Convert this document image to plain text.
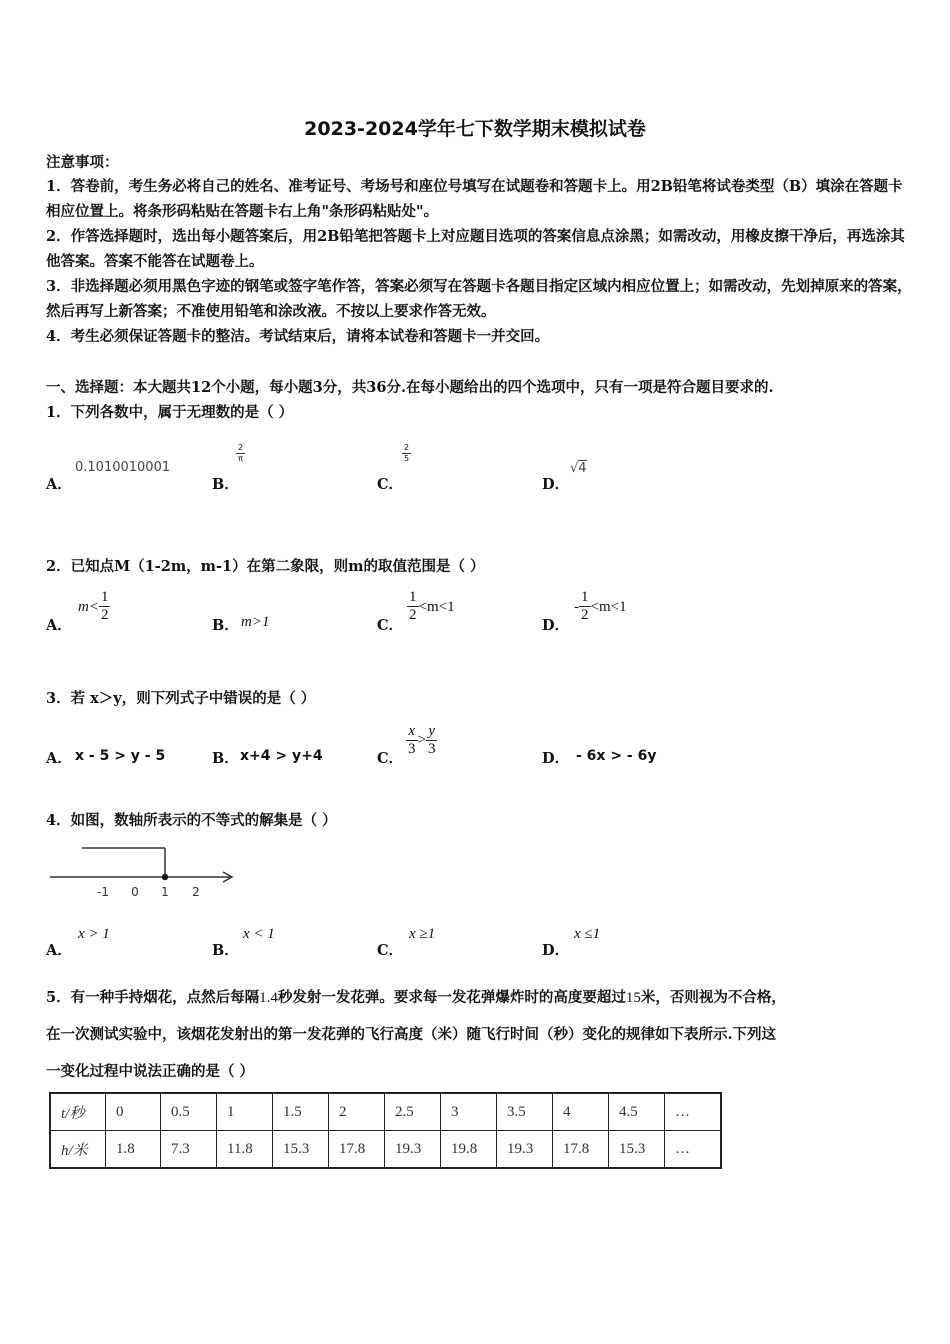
2023-2024学年七下数学期末模拟试卷
注意事项：
1．答卷前，考生务必将自己的姓名、准考证号、考场号和座位号填写在试题卷和答题卡上。用2B铅笔将试卷类型（B）填涂在答题卡相应位置上。将条形码粘贴在答题卡右上角"条形码粘贴处"。
2．作答选择题时，选出每小题答案后，用2B铅笔把答题卡上对应题目选项的答案信息点涂黑；如需改动，用橡皮擦干净后，再选涂其他答案。答案不能答在试题卷上。
3．非选择题必须用黑色字迹的钢笔或签字笔作答，答案必须写在答题卡各题目指定区域内相应位置上；如需改动，先划掉原来的答案，然后再写上新答案；不准使用铅笔和涂改液。不按以上要求作答无效。
4．考生必须保证答题卡的整洁。考试结束后，请将本试卷和答题卡一并交回。
一、选择题：本大题共12个小题，每小题3分，共36分.在每小题给出的四个选项中，只有一项是符合题目要求的.
1．下列各数中，属于无理数的是（ ）
A．
0.1010010001
B．
$\frac{2}{\pi}$
C．
$\frac{2}{5}$
D．
√4
2．已知点M（1-2m，m-1）在第二象限，则m的取值范围是（ ）
A．
$m< \frac{1}{2}$
B． m>1	C．
$\frac{1}{2} <m<1$
D．
- $\frac{1}{2} <m<1$
3．若 x＞y，则下列式子中错误的是（ ）
A． x - 5 > y - 5	B． x+4 > y+4	C．
$\frac{x}{3} > \frac{y}{3}$
D． - 6x > - 6y
4．如图，数轴所表示的不等式的解集是（ ）
-1 0 1 2
A．
x > 1
B．
x < 1
C．
x ≥1
D．
x ≤1
5．有一种手持烟花，点然后每隔1.4秒发射一发花弹。要求每一发花弹爆炸时的高度要超过15米，否则视为不合格，
在一次测试实验中，该烟花发射出的第一发花弹的飞行高度（米）随飞行时间（秒）变化的规律如下表所示.下列这
一变化过程中说法正确的是（ ）
t/秒	0	0.5	1	1.5	2	2.5	3	3.5	4	4.5	…
h/米	1.8	7.3	11.8	15.3	17.8	19.3	19.8	19.3	17.8	15.3	…
